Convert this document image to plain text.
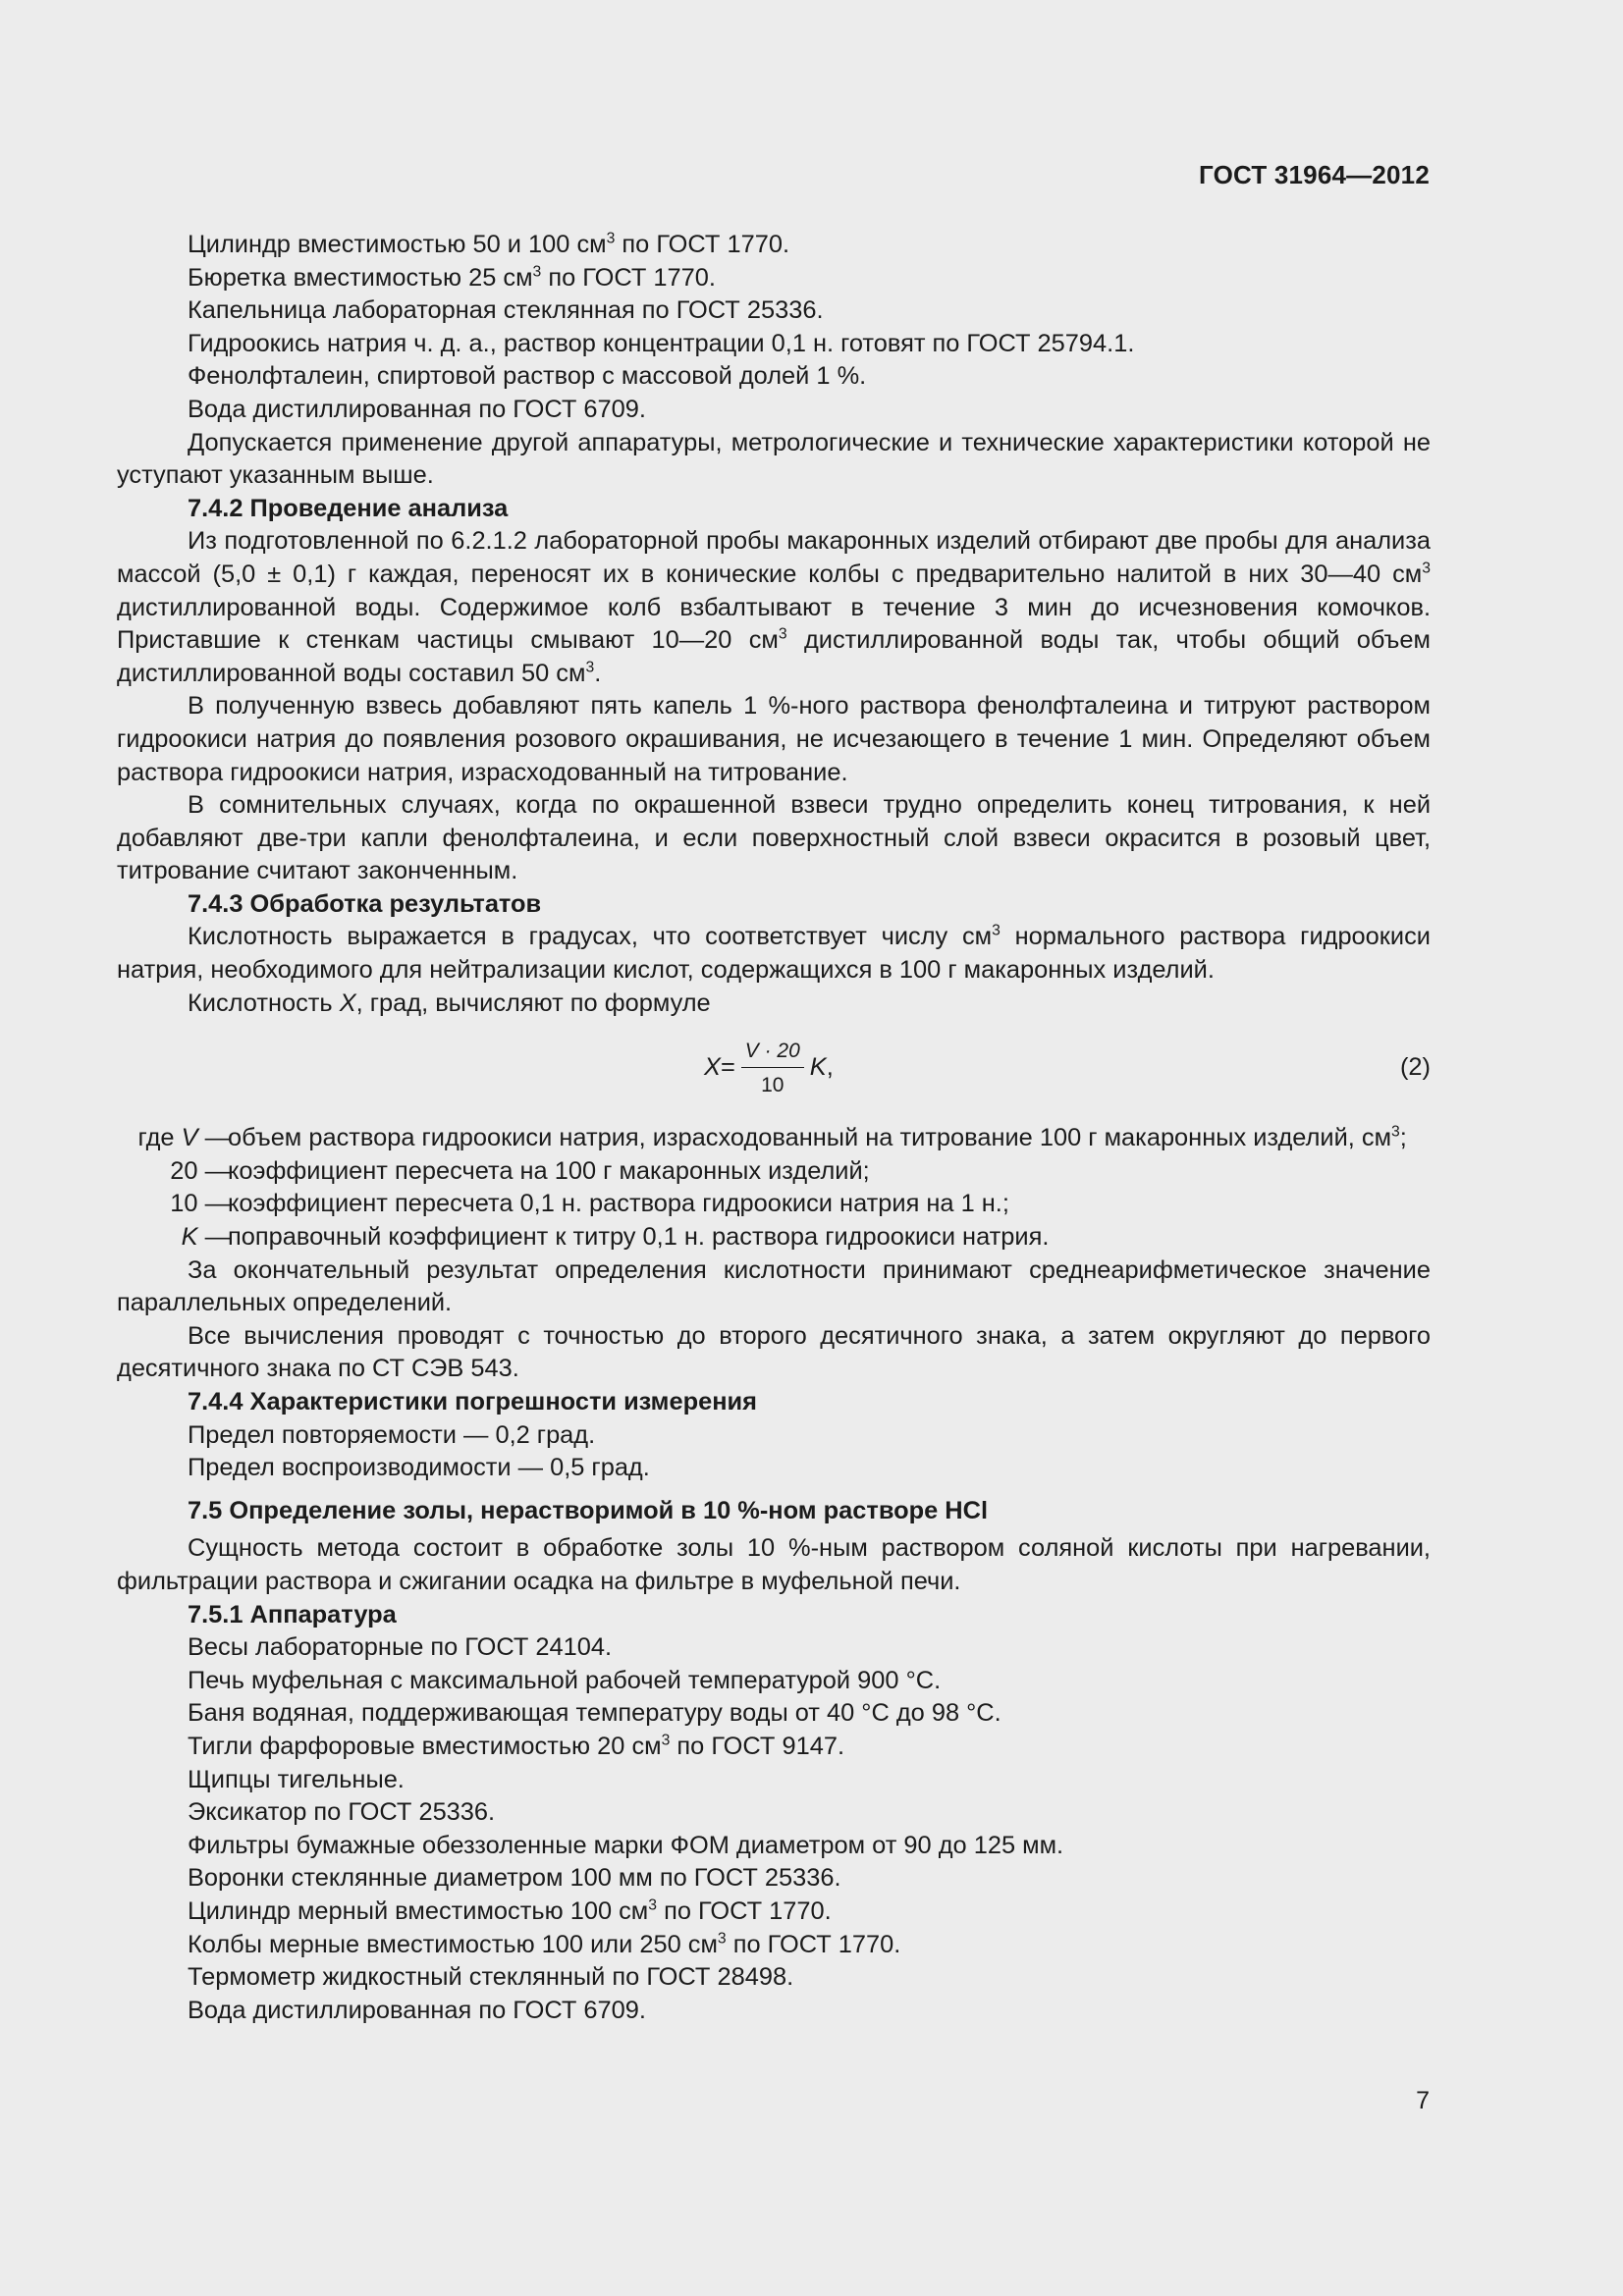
ГОСТ 31964—2012

Цилиндр вместимостью 50 и 100 $см^3$ по ГОСТ 1770.

Бюретка вместимостью 25 $см^3$ по ГОСТ 1770.

Капельница лабораторная стеклянная по ГОСТ 25336.

Гидроокись натрия ч. д. а., раствор концентрации 0,1 н. готовят по ГОСТ 25794.1.

Фенолфталеин, спиртовой раствор с массовой долей 1 %.

Вода дистиллированная по ГОСТ 6709.

Допускается применение другой аппаратуры, метрологические и технические характеристики которой не уступают указанным выше.

7.4.2 Проведение анализа

Из подготовленной по 6.2.1.2 лабораторной пробы макаронных изделий отбирают две пробы для анализа массой (5,0 ± 0,1) г каждая, переносят их в конические колбы с предварительно налитой в них 30—40 $см^3$ дистиллированной воды. Содержимое колб взбалтывают в течение 3 мин до исчезновения комочков. Приставшие к стенкам частицы смывают 10—20 $см^3$ дистиллированной воды так, чтобы общий объем дистиллированной воды составил 50 $см^3$.

В полученную взвесь добавляют пять капель 1 %-ного раствора фенолфталеина и титруют раствором гидроокиси натрия до появления розового окрашивания, не исчезающего в течение 1 мин. Определяют объем раствора гидроокиси натрия, израсходованный на титрование.

В сомнительных случаях, когда по окрашенной взвеси трудно определить конец титрования, к ней добавляют две-три капли фенолфталеина, и если поверхностный слой взвеси окрасится в розовый цвет, титрование считают законченным.

7.4.3 Обработка результатов

Кислотность выражается в градусах, что соответствует числу $см^3$ нормального раствора гидроокиси натрия, необходимого для нейтрализации кислот, содержащихся в 100 г макаронных изделий.

Кислотность X, град, вычисляют по формуле

$X = \frac{V \cdot 20}{10}$ K ,	(2)
где V —
объем раствора гидроокиси натрия, израсходованный на титрование 100 г макаронных изделий, $см^3$;
20 —
коэффициент пересчета на 100 г макаронных изделий;
10 —
коэффициент пересчета 0,1 н. раствора гидроокиси натрия на 1 н.;
K —
поправочный коэффициент к титру 0,1 н. раствора гидроокиси натрия.

За окончательный результат определения кислотности принимают среднеарифметическое значение параллельных определений.

Все вычисления проводят с точностью до второго десятичного знака, а затем округляют до первого десятичного знака по СТ СЭВ 543.

7.4.4 Характеристики погрешности измерения

Предел повторяемости — 0,2 град.

Предел воспроизводимости — 0,5 град.

7.5 Определение золы, нерастворимой в 10 %-ном растворе HCl

Сущность метода состоит в обработке золы 10 %-ным раствором соляной кислоты при нагревании, фильтрации раствора и сжигании осадка на фильтре в муфельной печи.

7.5.1 Аппаратура

Весы лабораторные по ГОСТ 24104.

Печь муфельная с максимальной рабочей температурой 900 °С.

Баня водяная, поддерживающая температуру воды от 40 °С до 98 °С.

Тигли фарфоровые вместимостью 20 $см^3$ по ГОСТ 9147.

Щипцы тигельные.

Эксикатор по ГОСТ 25336.

Фильтры бумажные обеззоленные марки ФОМ диаметром от 90 до 125 мм.

Воронки стеклянные диаметром 100 мм по ГОСТ 25336.

Цилиндр мерный вместимостью 100 $см^3$ по ГОСТ 1770.

Колбы мерные вместимостью 100 или 250 $см^3$ по ГОСТ 1770.

Термометр жидкостный стеклянный по ГОСТ 28498.

Вода дистиллированная по ГОСТ 6709.

7
